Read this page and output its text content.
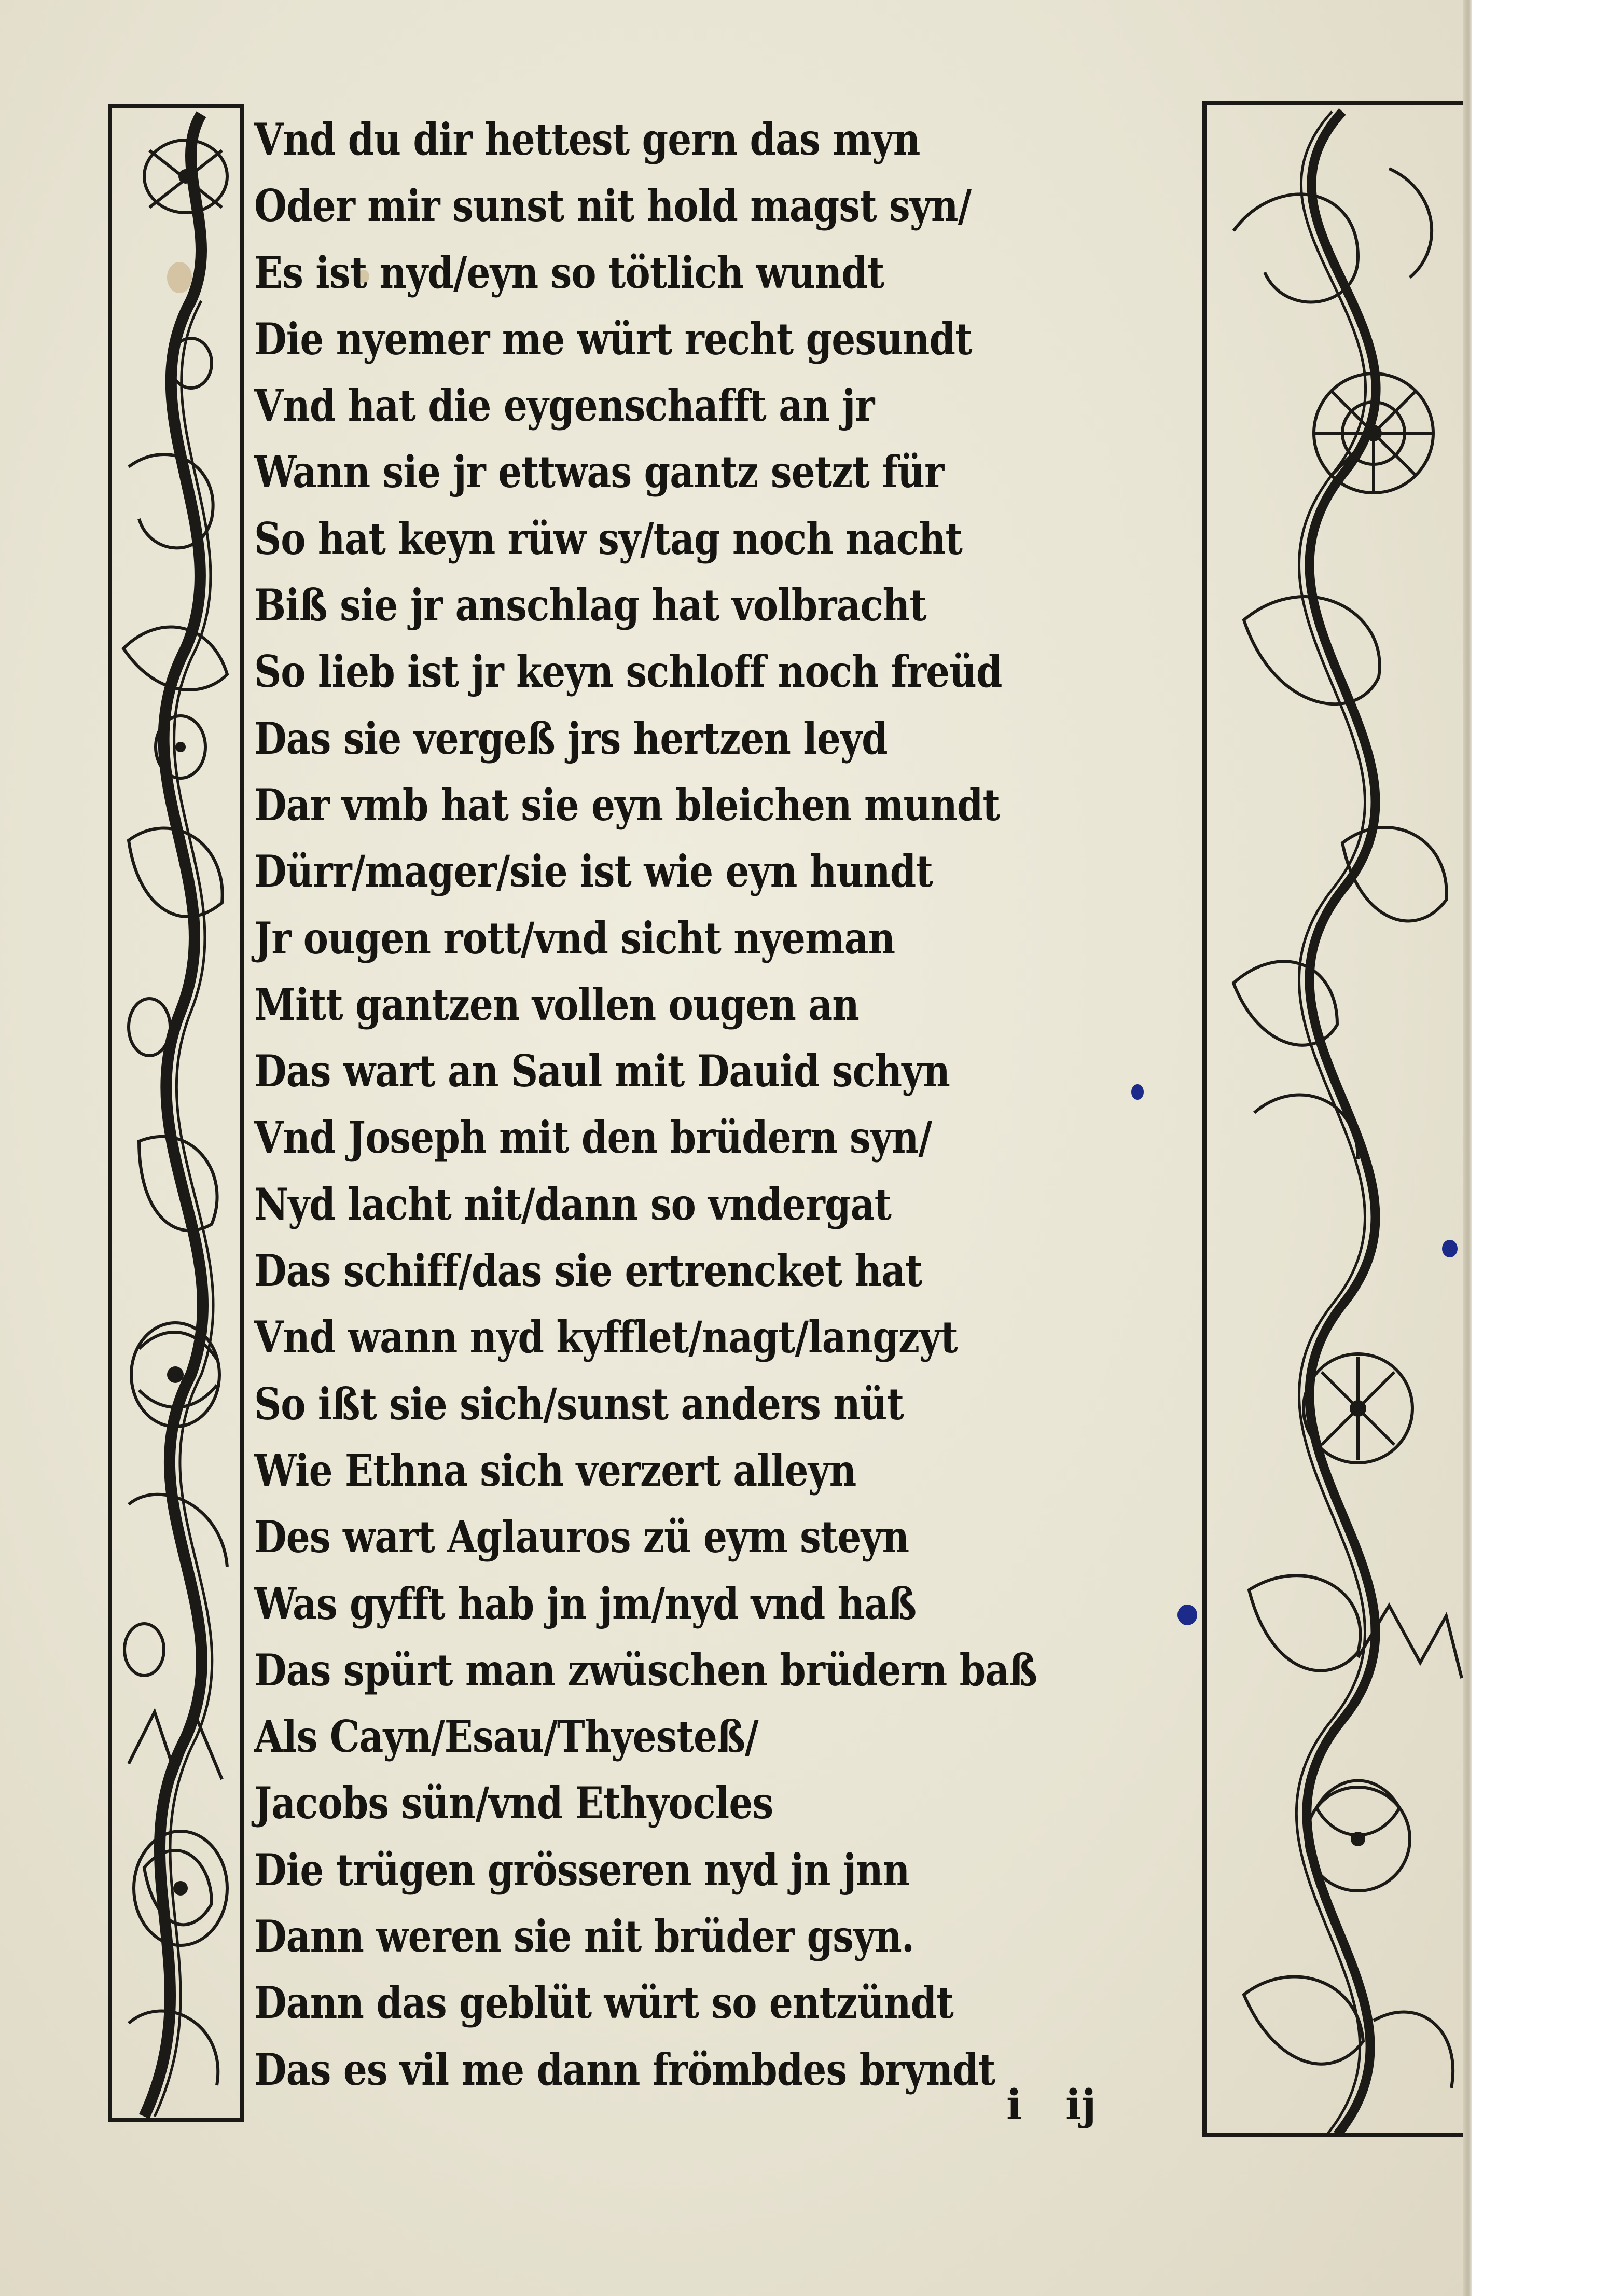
Vnd du dir hettest gern das myn
Oder mir sunst nit hold magst syn/
Es ist nyd/eyn so tötlich wundt
Die nyemer me würt recht gesundt
Vnd hat die eygenschafft an jr
Wann sie jr ettwas gantz setzt für
So hat keyn rüw sy/tag noch nacht
Biß sie jr anschlag hat volbracht
So lieb ist jr keyn schloff noch freüd
Das sie vergeß jrs hertzen leyd
Dar vmb hat sie eyn bleichen mundt
Dürr/mager/sie ist wie eyn hundt
Jr ougen rott/vnd sicht nyeman
Mitt gantzen vollen ougen an
Das wart an Saul mit Dauid schyn
Vnd Joseph mit den brüdern syn/
Nyd lacht nit/dann so vndergat
Das schiff/das sie ertrencket hat
Vnd wann nyd kyfflet/nagt/langzyt
So ißt sie sich/sunst anders nüt
Wie Ethna sich verzert alleyn
Des wart Aglauros zü eym steyn
Was gyfft hab jn jm/nyd vnd haß
Das spürt man zwüschen brüdern baß
Als Cayn/Esau/Thyesteß/
Jacobs sün/vnd Ethyocles
Die trügen grösseren nyd jn jnn
Dann weren sie nit brüder gsyn.
Dann das geblüt würt so entzündt
Das es vil me dann frömbdes bryndt
i   ij
